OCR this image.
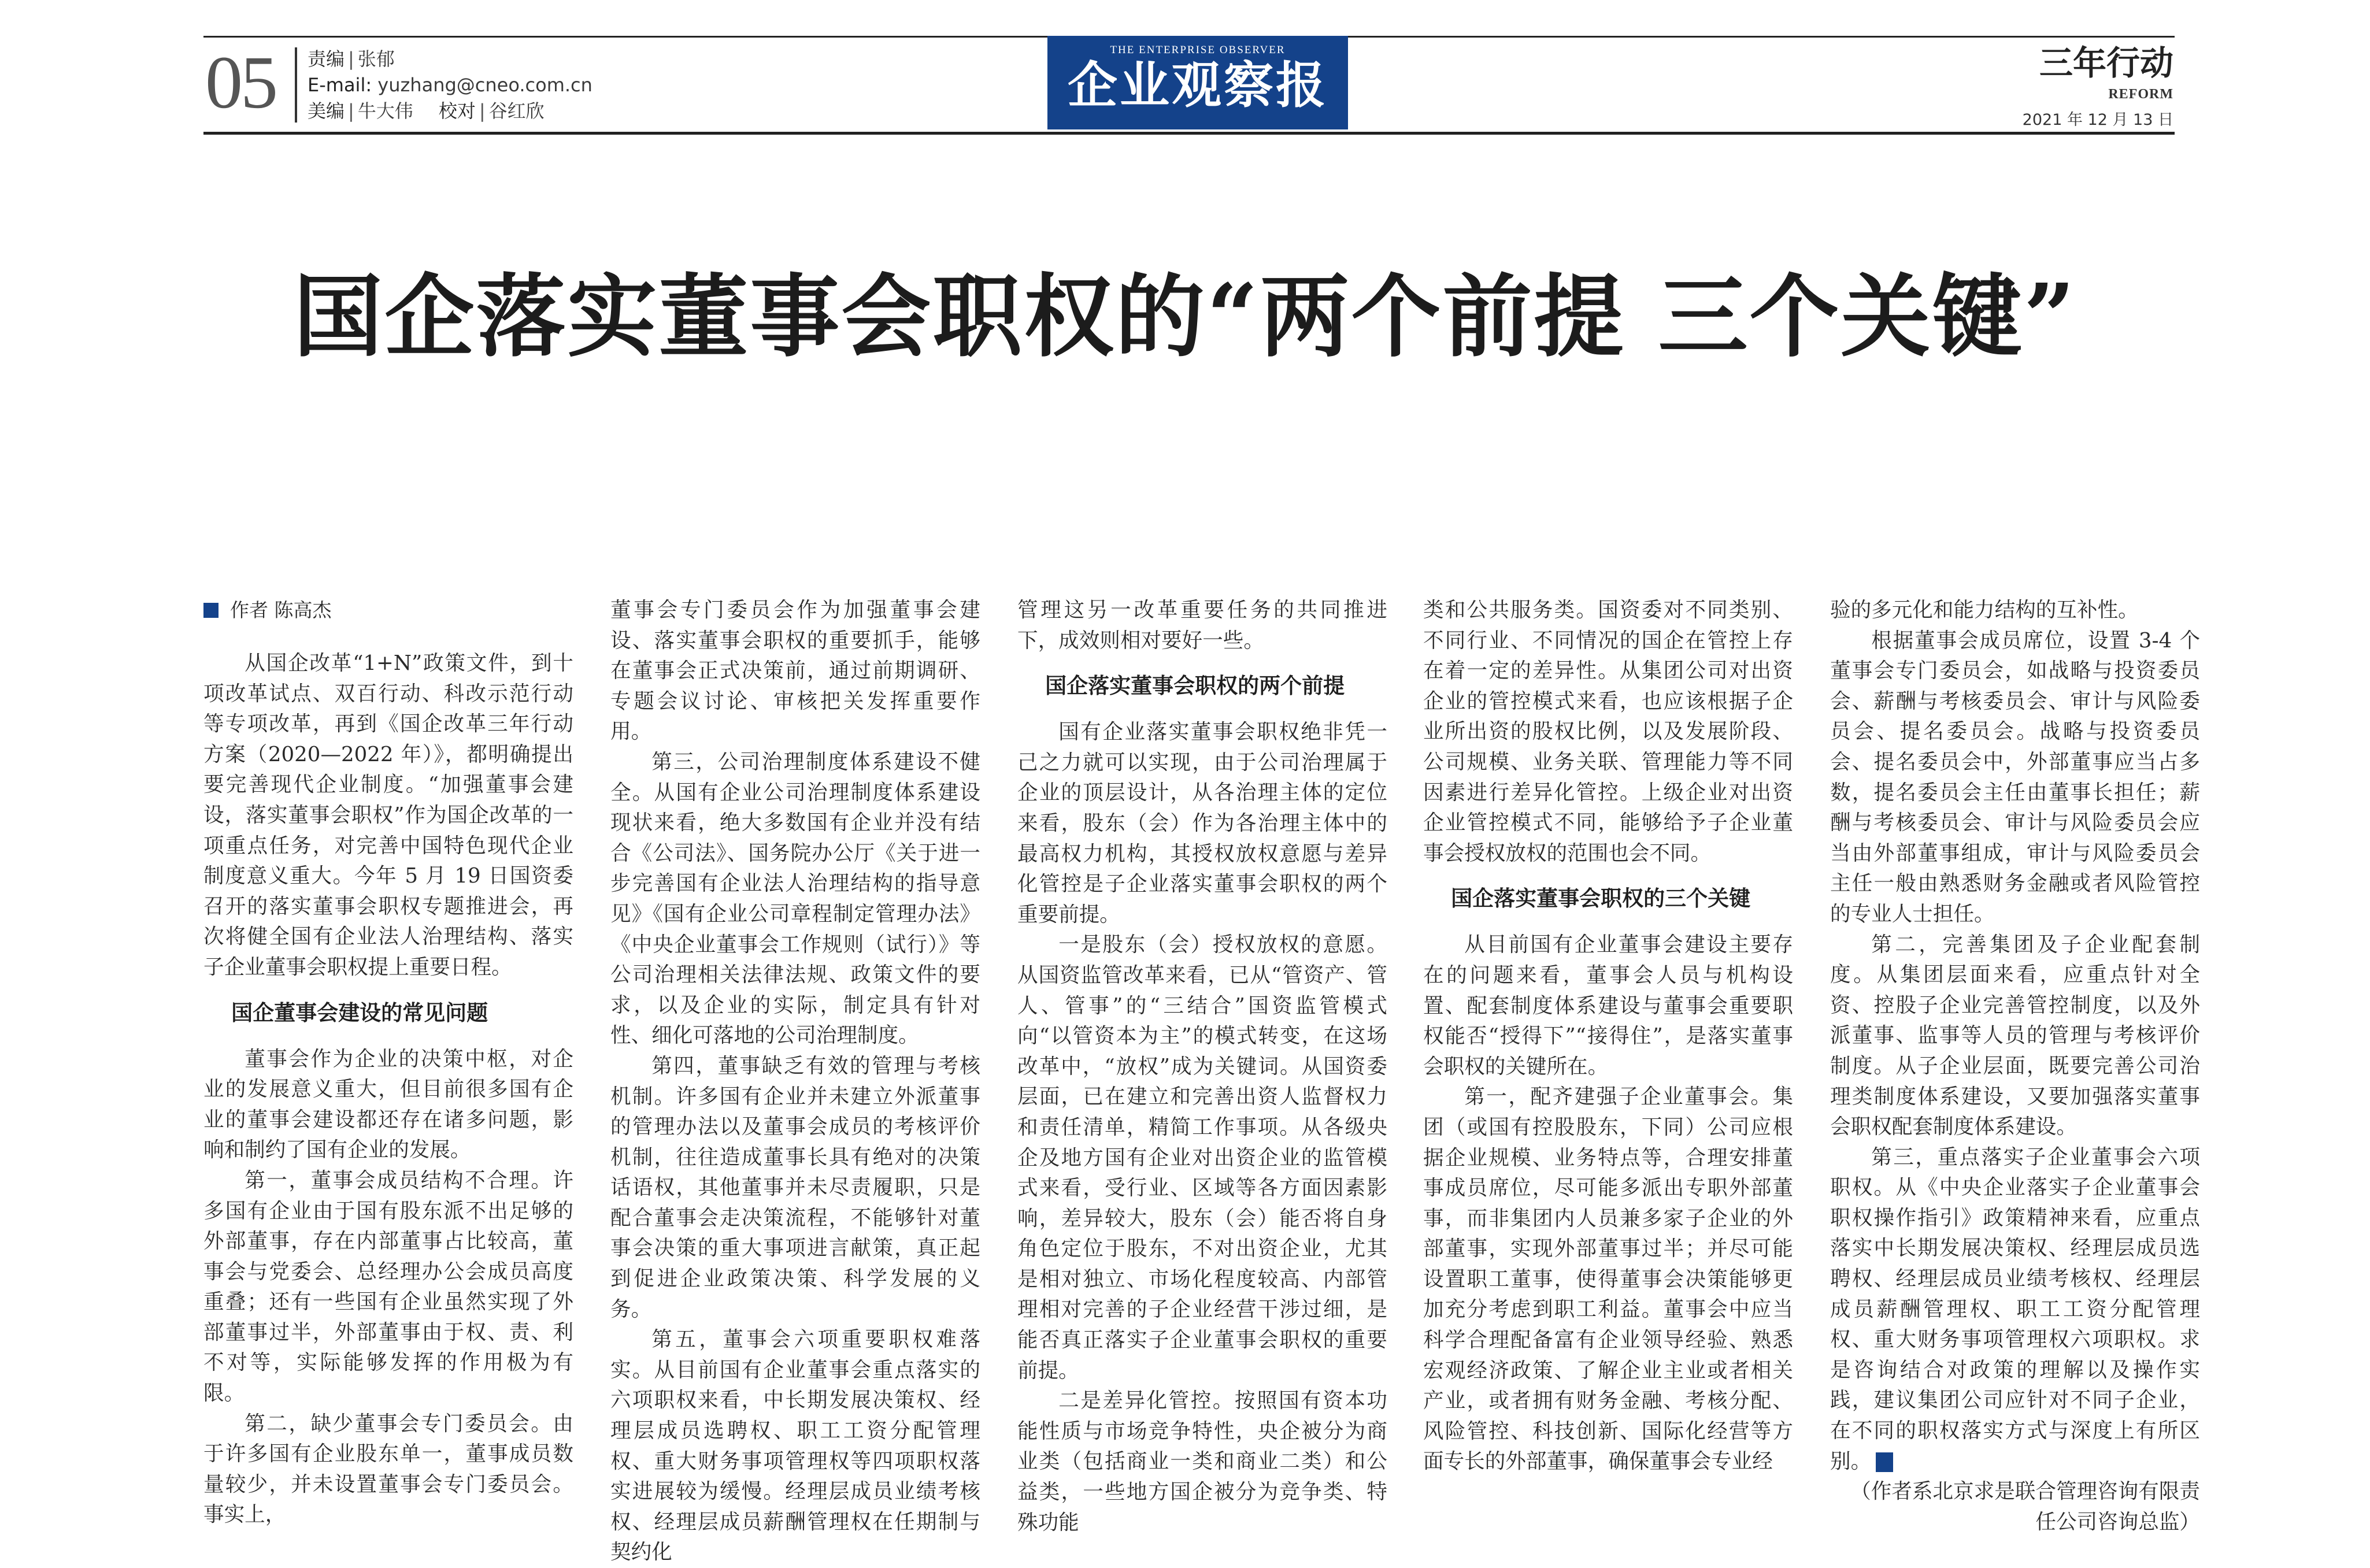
05 责编 | 张郁
E-mail: yuzhang@cneo.com.cn
美编 | 牛大伟 校对 | 谷红欣
THE ENTERPRISE OBSERVER
企业观察报	三年行动
REFORM
2021 年 12 月 13 日
国企落实董事会职权的“两个前提 三个关键”

作者 陈高杰

从国企改革“1+N”政策文件，到十项改革试点、双百行动、科改示范行动等专项改革，再到《国企改革三年行动方案（2020—2022 年）》，都明确提出要完善现代企业制度。“加强董事会建设，落实董事会职权”作为国企改革的一项重点任务，对完善中国特色现代企业制度意义重大。今年 5 月 19 日国资委召开的落实董事会职权专题推进会，再次将健全国有企业法人治理结构、落实子企业董事会职权提上重要日程。

国企董事会建设的常见问题

董事会作为企业的决策中枢，对企业的发展意义重大，但目前很多国有企业的董事会建设都还存在诸多问题，影响和制约了国有企业的发展。

第一，董事会成员结构不合理。许多国有企业由于国有股东派不出足够的外部董事，存在内部董事占比较高，董事会与党委会、总经理办公会成员高度重叠；还有一些国有企业虽然实现了外部董事过半，外部董事由于权、责、利不对等，实际能够发挥的作用极为有限。

第二，缺少董事会专门委员会。由于许多国有企业股东单一，董事成员数量较少，并未设置董事会专门委员会。事实上，

董事会专门委员会作为加强董事会建设、落实董事会职权的重要抓手，能够在董事会正式决策前，通过前期调研、专题会议讨论、审核把关发挥重要作用。

第三，公司治理制度体系建设不健全。从国有企业公司治理制度体系建设现状来看，绝大多数国有企业并没有结合《公司法》、国务院办公厅《关于进一步完善国有企业法人治理结构的指导意见》《国有企业公司章程制定管理办法》《中央企业董事会工作规则（试行）》等公司治理相关法律法规、政策文件的要求，以及企业的实际，制定具有针对性、细化可落地的公司治理制度。

第四，董事缺乏有效的管理与考核机制。许多国有企业并未建立外派董事的管理办法以及董事会成员的考核评价机制，往往造成董事长具有绝对的决策话语权，其他董事并未尽责履职，只是配合董事会走决策流程，不能够针对董事会决策的重大事项进言献策，真正起到促进企业政策决策、科学发展的义务。

第五，董事会六项重要职权难落实。从目前国有企业董事会重点落实的六项职权来看，中长期发展决策权、经理层成员选聘权、职工工资分配管理权、重大财务事项管理权等四项职权落实进展较为缓慢。经理层成员业绩考核权、经理层成员薪酬管理权在任期制与契约化

管理这另一改革重要任务的共同推进下，成效则相对要好一些。

国企落实董事会职权的两个前提

国有企业落实董事会职权绝非凭一己之力就可以实现，由于公司治理属于企业的顶层设计，从各治理主体的定位来看，股东（会）作为各治理主体中的最高权力机构，其授权放权意愿与差异化管控是子企业落实董事会职权的两个重要前提。

一是股东（会）授权放权的意愿。从国资监管改革来看，已从“管资产、管人、管事”的“三结合”国资监管模式向“以管资本为主”的模式转变，在这场改革中，“放权”成为关键词。从国资委层面，已在建立和完善出资人监督权力和责任清单，精简工作事项。从各级央企及地方国有企业对出资企业的监管模式来看，受行业、区域等各方面因素影响，差异较大，股东（会）能否将自身角色定位于股东，不对出资企业，尤其是相对独立、市场化程度较高、内部管理相对完善的子企业经营干涉过细，是能否真正落实子企业董事会职权的重要前提。

二是差异化管控。按照国有资本功能性质与市场竞争特性，央企被分为商业类（包括商业一类和商业二类）和公益类，一些地方国企被分为竞争类、特殊功能

类和公共服务类。国资委对不同类别、不同行业、不同情况的国企在管控上存在着一定的差异性。从集团公司对出资企业的管控模式来看，也应该根据子企业所出资的股权比例，以及发展阶段、公司规模、业务关联、管理能力等不同因素进行差异化管控。上级企业对出资企业管控模式不同，能够给予子企业董事会授权放权的范围也会不同。

国企落实董事会职权的三个关键

从目前国有企业董事会建设主要存在的问题来看，董事会人员与机构设置、配套制度体系建设与董事会重要职权能否“授得下”“接得住”，是落实董事会职权的关键所在。

第一，配齐建强子企业董事会。集团（或国有控股股东，下同）公司应根据企业规模、业务特点等，合理安排董事成员席位，尽可能多派出专职外部董事，而非集团内人员兼多家子企业的外部董事，实现外部董事过半；并尽可能设置职工董事，使得董事会决策能够更加充分考虑到职工利益。董事会中应当科学合理配备富有企业领导经验、熟悉宏观经济政策、了解企业主业或者相关产业，或者拥有财务金融、考核分配、风险管控、科技创新、国际化经营等方面专长的外部董事，确保董事会专业经

验的多元化和能力结构的互补性。

根据董事会成员席位，设置 3-4 个董事会专门委员会，如战略与投资委员会、薪酬与考核委员会、审计与风险委员会、提名委员会。战略与投资委员会、提名委员会中，外部董事应当占多数，提名委员会主任由董事长担任；薪酬与考核委员会、审计与风险委员会应当由外部董事组成，审计与风险委员会主任一般由熟悉财务金融或者风险管控的专业人士担任。

第二，完善集团及子企业配套制度。从集团层面来看，应重点针对全资、控股子企业完善管控制度，以及外派董事、监事等人员的管理与考核评价制度。从子企业层面，既要完善公司治理类制度体系建设，又要加强落实董事会职权配套制度体系建设。

第三，重点落实子企业董事会六项职权。从《中央企业落实子企业董事会职权操作指引》政策精神来看，应重点落实中长期发展决策权、经理层成员选聘权、经理层成员业绩考核权、经理层成员薪酬管理权、职工工资分配管理权、重大财务事项管理权六项职权。求是咨询结合对政策的理解以及操作实践，建议集团公司应针对不同子企业，在不同的职权落实方式与深度上有所区别。	E

（作者系北京求是联合管理咨询有限责任公司咨询总监）
